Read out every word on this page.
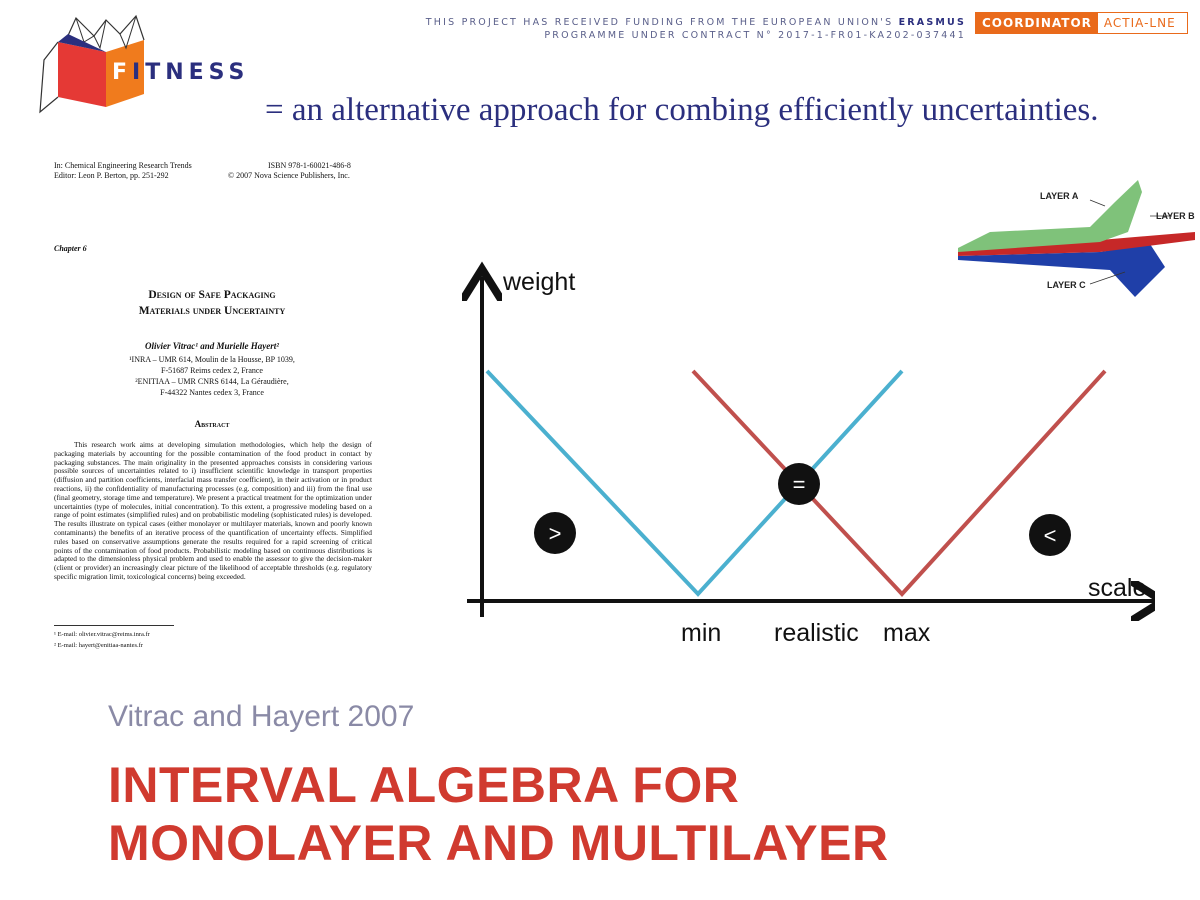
FITNESS
THIS PROJECT HAS RECEIVED FUNDING FROM THE EUROPEAN UNION'S ERASMUS
PROGRAMME UNDER CONTRACT N° 2017-1-FR01-KA202-037441
COORDINATOR	ACTIA-LNE
= an alternative approach for combing efficiently uncertainties.
In: Chemical Engineering Research Trends
Editor: Leon P. Berton, pp. 251-292
ISBN 978-1-60021-486-8
© 2007 Nova Science Publishers, Inc.
Chapter 6
Design of Safe Packaging
Materials under Uncertainty
Olivier Vitrac¹ and Murielle Hayert²
¹INRA – UMR 614, Moulin de la Housse, BP 1039,
F-51687 Reims cedex 2, France
²ENITIAA – UMR CNRS 6144, La Géraudière,
F-44322 Nantes cedex 3, France
Abstract
This research work aims at developing simulation methodologies, which help the design of packaging materials by accounting for the possible contamination of the food product in contact by packaging substances. The main originality in the presented approaches consists in considering various possible sources of uncertainties related to i) insufficient scientific knowledge in transport properties (diffusion and partition coefficients, interfacial mass transfer coefficient), in their activation or in product reactions, ii) the confidentiality of manufacturing processes (e.g. composition) and iii) from the final use (final geometry, storage time and temperature). We present a practical treatment for the optimization under uncertainties (type of molecules, initial concentration). To this extent, a progressive modeling based on a range of point estimates (simplified rules) and on probabilistic modeling (sophisticated rules) is developed. The results illustrate on typical cases (either monolayer or multilayer materials, known and poorly known contaminants) the benefits of an iterative process of the quantification of uncertainty effects. Simplified rules based on conservative assumptions generate the results required for a rapid screening of critical points of the contamination of food products. Probabilistic modeling based on continuous distributions is adapted to the dimensionless physical problem and used to enable the assessor to give the decision-maker (client or provider) an increasingly clear picture of the likelihood of acceptable thresholds (e.g. regulatory specific migration limit, toxicological concerns) being exceeded.
¹ E-mail: olivier.vitrac@reims.inra.fr
² E-mail: hayert@enitiaa-nantes.fr
LAYER A
LAYER B
LAYER C
weight
scale
min realistic max
>
=
<
Vitrac and Hayert 2007
INTERVAL ALGEBRA FOR
MONOLAYER AND MULTILAYER
